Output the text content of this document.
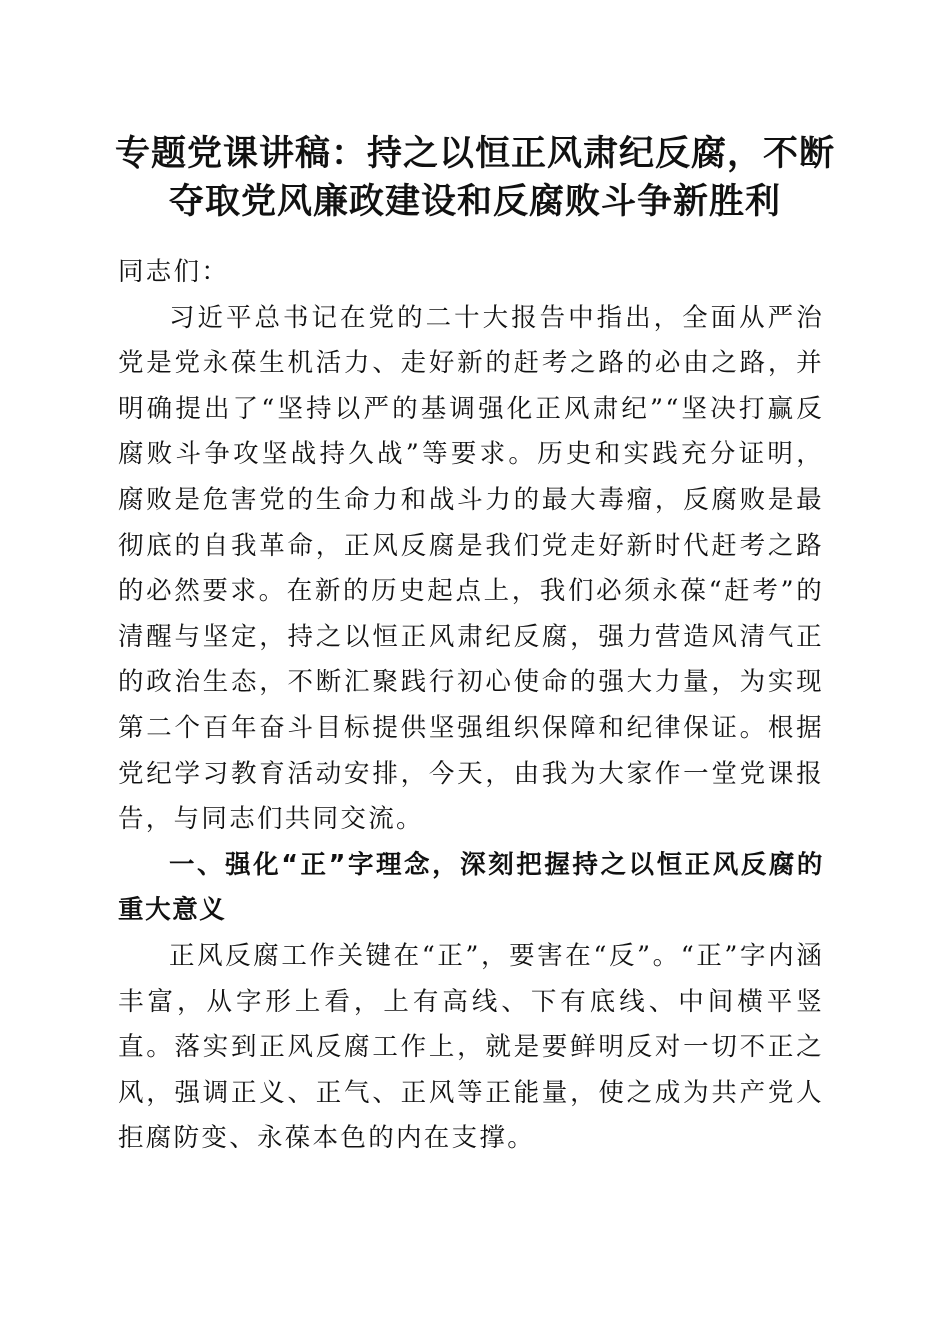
专题党课讲稿：持之以恒正风肃纪反腐，不断夺取党风廉政建设和反腐败斗争新胜利

同志们：

习近平总书记在党的二十大报告中指出，全面从严治党是党永葆生机活力、走好新的赶考之路的必由之路，并明确提出了“坚持以严的基调强化正风肃纪”“坚决打赢反腐败斗争攻坚战持久战”等要求。历史和实践充分证明，腐败是危害党的生命力和战斗力的最大毒瘤，反腐败是最彻底的自我革命，正风反腐是我们党走好新时代赶考之路的必然要求。在新的历史起点上，我们必须永葆“赶考”的清醒与坚定，持之以恒正风肃纪反腐，强力营造风清气正的政治生态，不断汇聚践行初心使命的强大力量，为实现第二个百年奋斗目标提供坚强组织保障和纪律保证。根据党纪学习教育活动安排，今天，由我为大家作一堂党课报告，与同志们共同交流。

一、强化“正”字理念，深刻把握持之以恒正风反腐的重大意义

正风反腐工作关键在“正”，要害在“反”。“正”字内涵丰富，从字形上看，上有高线、下有底线、中间横平竖直。落实到正风反腐工作上，就是要鲜明反对一切不正之风，强调正义、正气、正风等正能量，使之成为共产党人拒腐防变、永葆本色的内在支撑。
